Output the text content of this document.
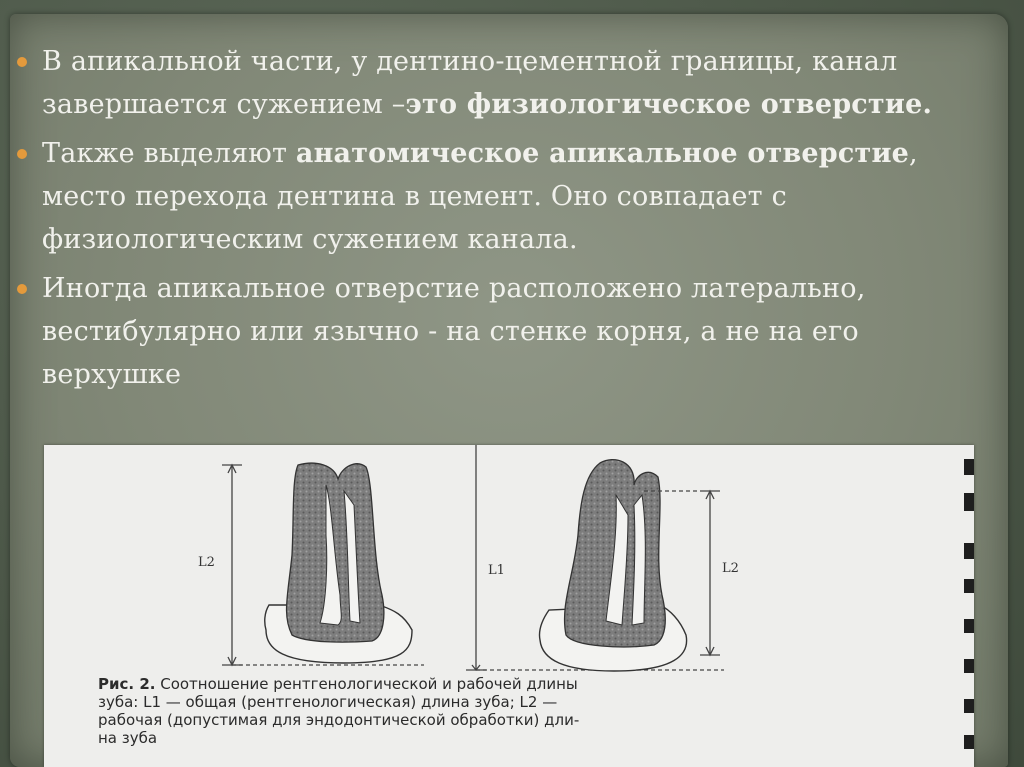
В апикальной части, у дентино-цементной границы, канал завершается сужением –это физиологическое отверстие.
Также выделяют анатомическое апикальное отверстие, место перехода дентина в цемент. Оно совпадает с физиологическим сужением канала.
Иногда апикальное отверстие расположено латерально, вестибулярно или язычно - на стенке корня, а не на его верхушке
L2
L1	L2
Рис. 2. Соотношение рентгенологической и рабочей длины
зуба: L1 — общая (рентгенологическая) длина зуба; L2 —
рабочая (допустимая для эндодонтической обработки) дли-
на зуба
